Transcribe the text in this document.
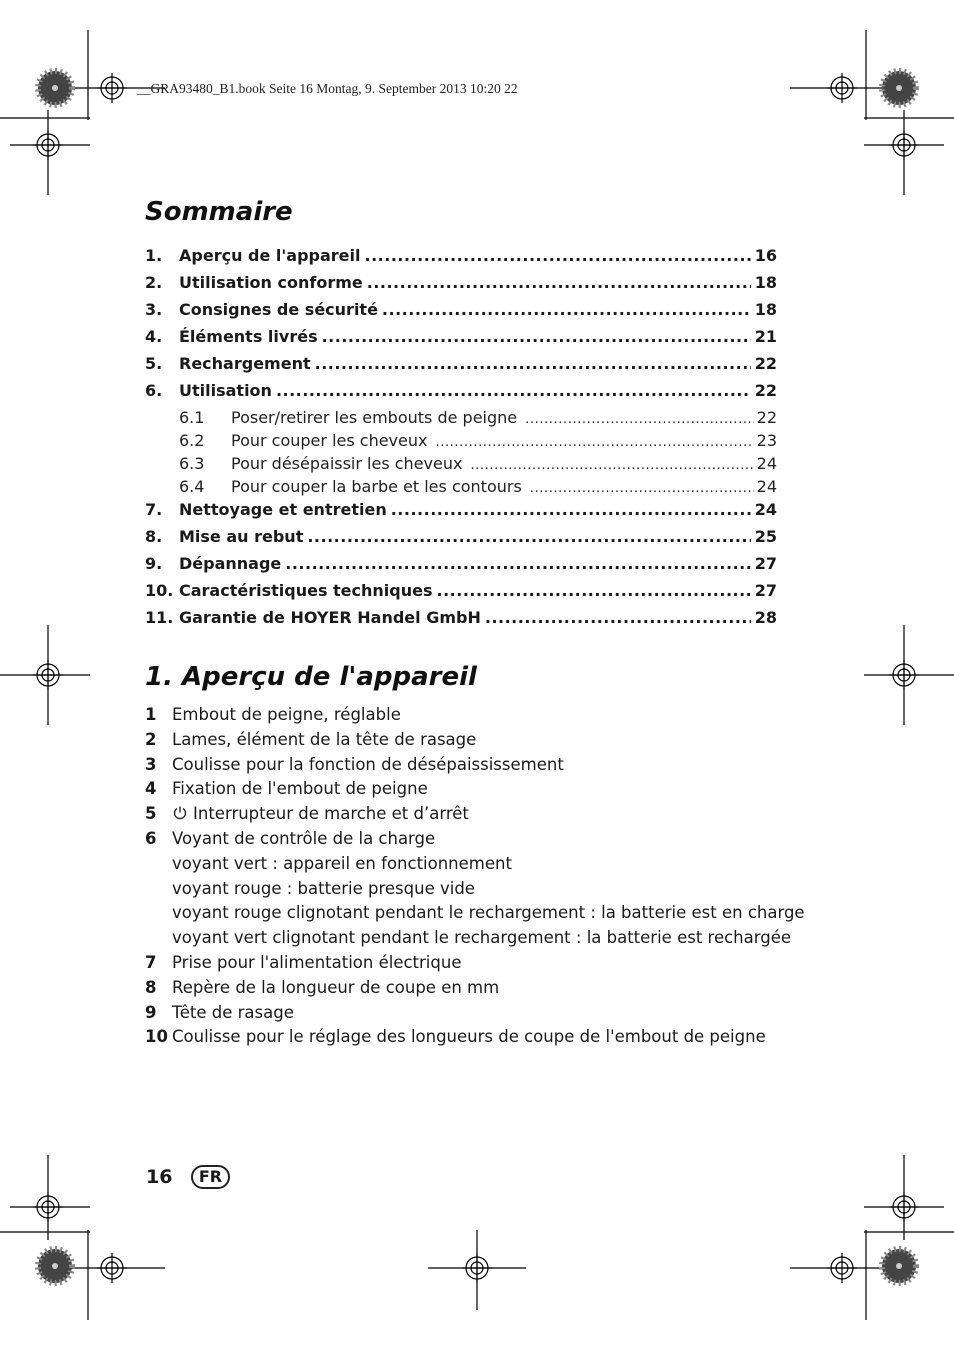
__GRA93480_B1.book Seite 16 Montag, 9. September 2013 10:20 22
Sommaire
1.	Aperçu de l'appareil .....	16
2.	Utilisation conforme .....	18
3.	Consignes de sécurité .....	18
4.	Éléments livrés .....	21
5.	Rechargement .....	22
6.	Utilisation .....	22
6.1	Poser/retirer les embouts de peigne .....	22
6.2	Pour couper les cheveux .....	23
6.3	Pour désépaissir les cheveux .....	24
6.4	Pour couper la barbe et les contours .....	24
7.	Nettoyage et entretien .....	24
8.	Mise au rebut .....	25
9.	Dépannage .....	27
10. Caractéristiques techniques .....	27
11. Garantie de HOYER Handel GmbH .....	28
1. Aperçu de l'appareil
1 Embout de peigne, réglable
2 Lames, élément de la tête de rasage
3 Coulisse pour la fonction de désépaississement
4 Fixation de l'embout de peigne
5	Interrupteur de marche et d’arrêt
6 Voyant de contrôle de la charge
voyant vert : appareil en fonctionnement
voyant rouge : batterie presque vide
voyant rouge clignotant pendant le rechargement : la batterie est en charge
voyant vert clignotant pendant le rechargement : la batterie est rechargée
7 Prise pour l'alimentation électrique
8 Repère de la longueur de coupe en mm
9 Tête de rasage
10 Coulisse pour le réglage des longueurs de coupe de l'embout de peigne
16	FR
